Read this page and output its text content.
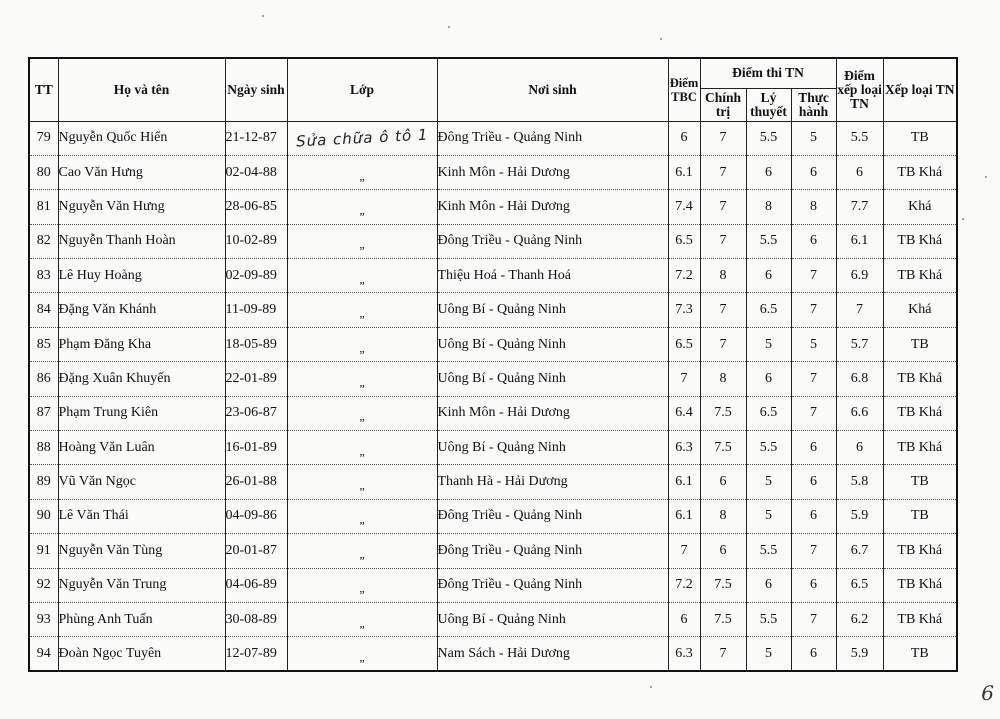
TT	Họ và tên	Ngày sinh	Lớp	Nơi sinh	Điểm TBC	Điểm thi TN			Điểm xếp loại TN	Xếp loại TN
						Chính trị	Lý thuyết	Thực hành		
79	Nguyễn Quốc Hiển	21-12-87	Sửa chữa ô tô 1	Đông Triều - Quảng Ninh	6	7	5.5	5	5.5	TB
80	Cao Văn Hưng	02-04-88	„	Kinh Môn - Hải Dương	6.1	7	6	6	6	TB Khá
81	Nguyễn Văn Hưng	28-06-85	„	Kinh Môn - Hải Dương	7.4	7	8	8	7.7	Khá
82	Nguyễn Thanh Hoàn	10-02-89	„	Đông Triều - Quảng Ninh	6.5	7	5.5	6	6.1	TB Khá
83	Lê Huy Hoàng	02-09-89	„	Thiệu Hoá - Thanh Hoá	7.2	8	6	7	6.9	TB Khá
84	Đặng Văn Khánh	11-09-89	„	Uông Bí - Quảng Ninh	7.3	7	6.5	7	7	Khá
85	Phạm Đăng Kha	18-05-89	„	Uông Bí - Quảng Ninh	6.5	7	5	5	5.7	TB
86	Đặng Xuân Khuyến	22-01-89	„	Uông Bí - Quảng Ninh	7	8	6	7	6.8	TB Khá
87	Phạm Trung Kiên	23-06-87	„	Kinh Môn - Hải Dương	6.4	7.5	6.5	7	6.6	TB Khá
88	Hoàng Văn Luân	16-01-89	„	Uông Bí - Quảng Ninh	6.3	7.5	5.5	6	6	TB Khá
89	Vũ Văn Ngọc	26-01-88	„	Thanh Hà - Hải Dương	6.1	6	5	6	5.8	TB
90	Lê Văn Thái	04-09-86	„	Đông Triều - Quảng Ninh	6.1	8	5	6	5.9	TB
91	Nguyễn Văn Tùng	20-01-87	„	Đông Triều - Quảng Ninh	7	6	5.5	7	6.7	TB Khá
92	Nguyễn Văn Trung	04-06-89	„	Đông Triều - Quảng Ninh	7.2	7.5	6	6	6.5	TB Khá
93	Phùng Anh Tuấn	30-08-89	„	Uông Bí - Quảng Ninh	6	7.5	5.5	7	6.2	TB Khá
94	Đoàn Ngọc Tuyên	12-07-89	„	Nam Sách - Hải Dương	6.3	7	5	6	5.9	TB
6
